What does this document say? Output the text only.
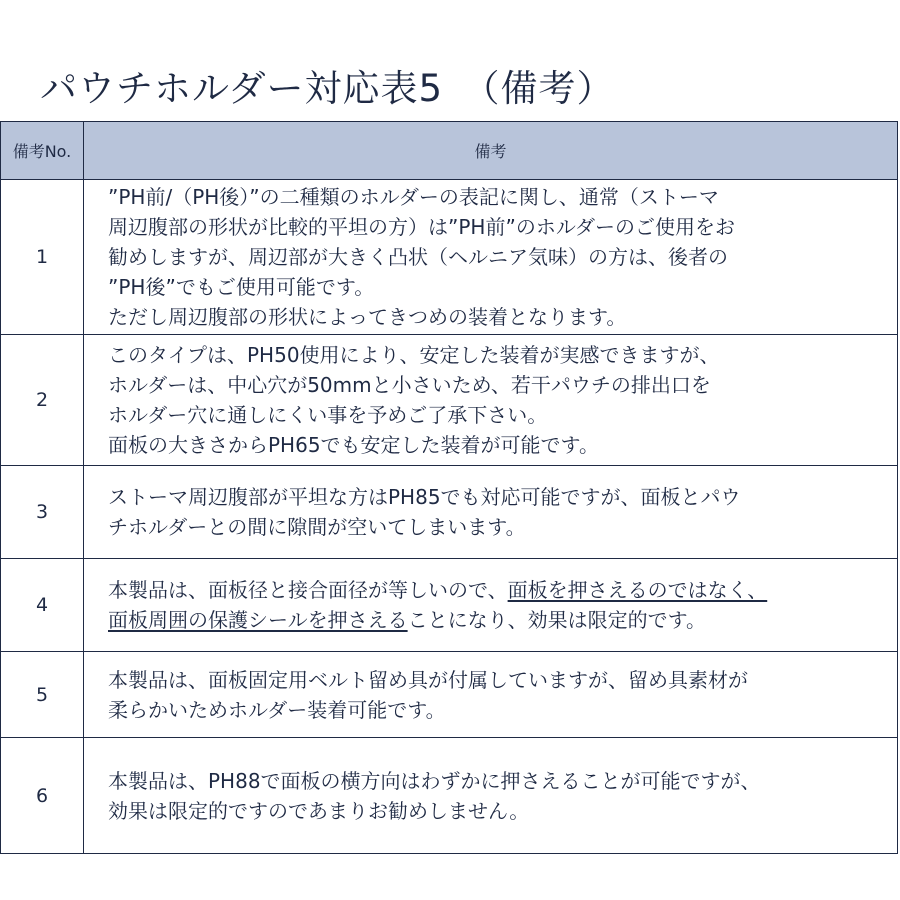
パウチホルダー対応表5　（備考）
備考No.	備考
1	”PH前/（PH後）”の二種類のホルダーの表記に関し、通常（ストーマ
周辺腹部の形状が比較的平坦の方）は”PH前”のホルダーのご使用をお
勧めしますが、周辺部が大きく凸状（ヘルニア気味）の方は、後者の
”PH後”でもご使用可能です。
ただし周辺腹部の形状によってきつめの装着となります。

2	このタイプは、PH50使用により、安定した装着が実感できますが、
ホルダーは、中心穴が50mmと小さいため、若干パウチの排出口を
ホルダー穴に通しにくい事を予めご了承下さい。
面板の大きさからPH65でも安定した装着が可能です。

3	ストーマ周辺腹部が平坦な方はPH85でも対応可能ですが、面板とパウ
チホルダーとの間に隙間が空いてしまいます。

4	本製品は、面板径と接合面径が等しいので、面板を押さえるのではなく、
面板周囲の保護シールを押さえることになり、効果は限定的です。

5	本製品は、面板固定用ベルト留め具が付属していますが、留め具素材が
柔らかいためホルダー装着可能です。

6	本製品は、PH88で面板の横方向はわずかに押さえることが可能ですが、
効果は限定的ですのであまりお勧めしません。
